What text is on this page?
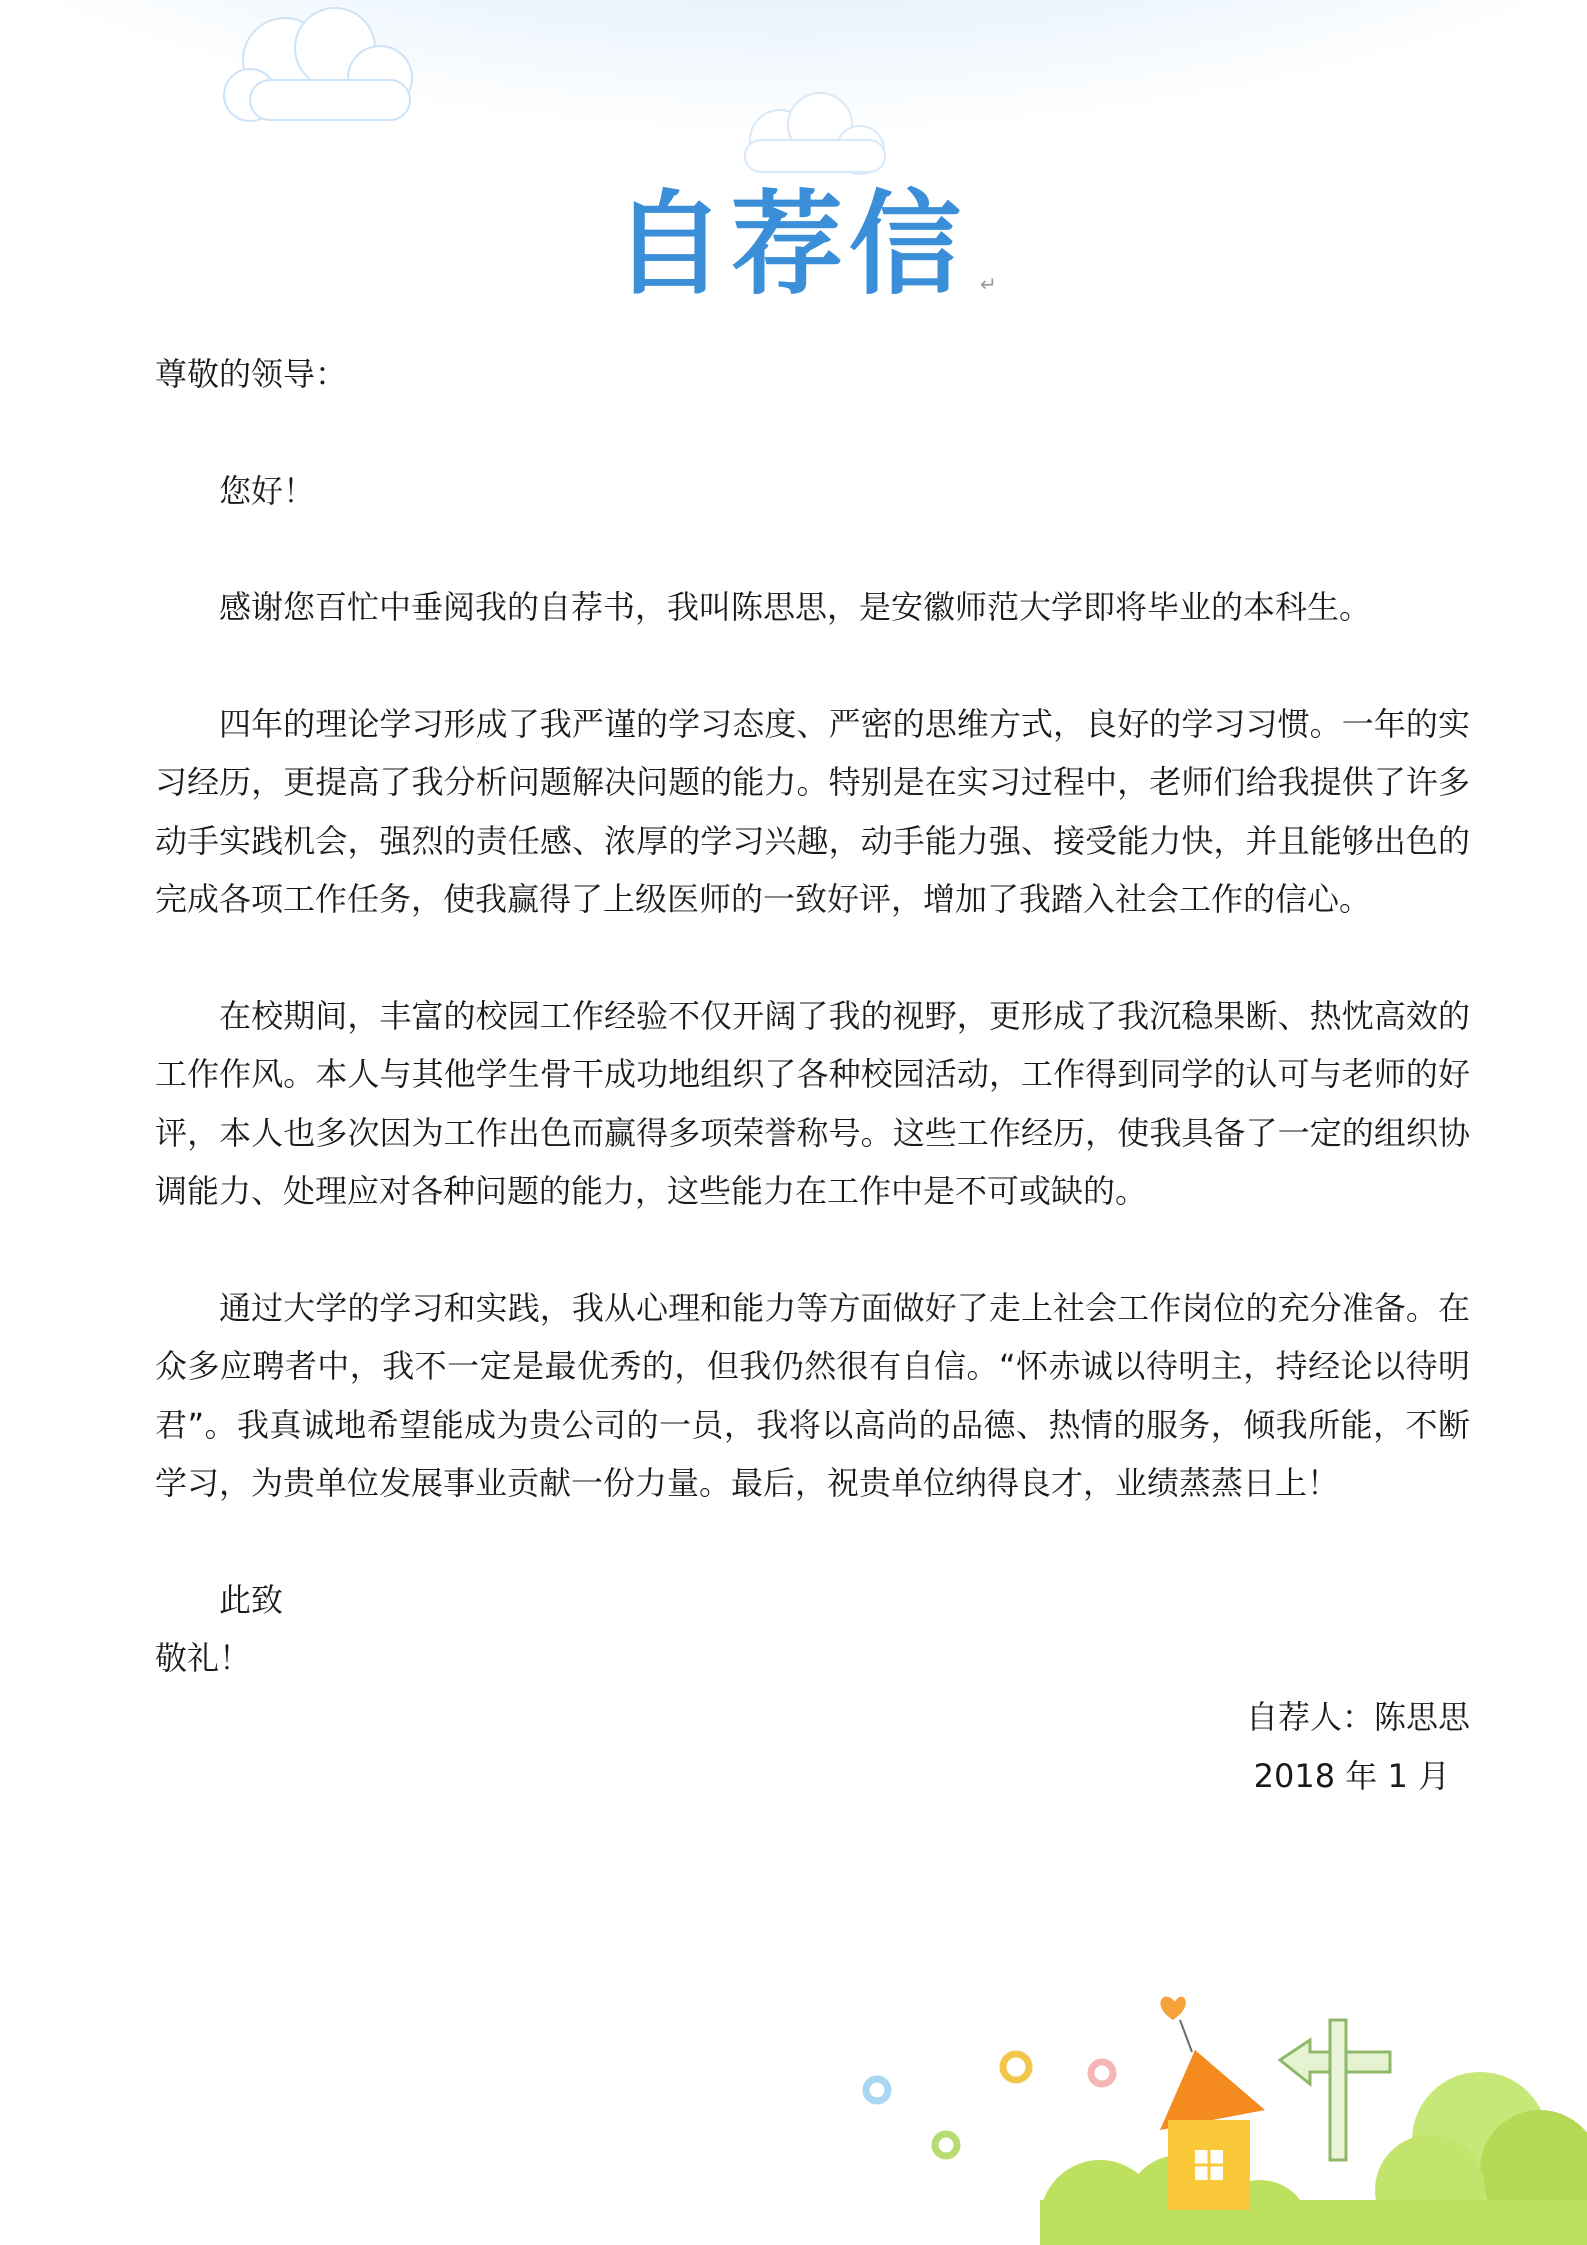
自荐信 ↵

尊敬的领导：

您好！

感谢您百忙中垂阅我的自荐书，我叫陈思思，是安徽师范大学即将毕业的本科生。

四年的理论学习形成了我严谨的学习态度、严密的思维方式，良好的学习习惯。一年的实习经历，更提高了我分析问题解决问题的能力。特别是在实习过程中，老师们给我提供了许多动手实践机会，强烈的责任感、浓厚的学习兴趣，动手能力强、接受能力快，并且能够出色的完成各项工作任务，使我赢得了上级医师的一致好评，增加了我踏入社会工作的信心。

在校期间，丰富的校园工作经验不仅开阔了我的视野，更形成了我沉稳果断、热忱高效的工作作风。本人与其他学生骨干成功地组织了各种校园活动，工作得到同学的认可与老师的好评，本人也多次因为工作出色而赢得多项荣誉称号。这些工作经历，使我具备了一定的组织协调能力、处理应对各种问题的能力，这些能力在工作中是不可或缺的。

通过大学的学习和实践，我从心理和能力等方面做好了走上社会工作岗位的充分准备。在众多应聘者中，我不一定是最优秀的，但我仍然很有自信。“怀赤诚以待明主，持经论以待明君”。我真诚地希望能成为贵公司的一员，我将以高尚的品德、热情的服务，倾我所能，不断学习，为贵单位发展事业贡献一份力量。最后，祝贵单位纳得良才，业绩蒸蒸日上！

此致

敬礼！

自荐人：陈思思
2018 年 1 月
